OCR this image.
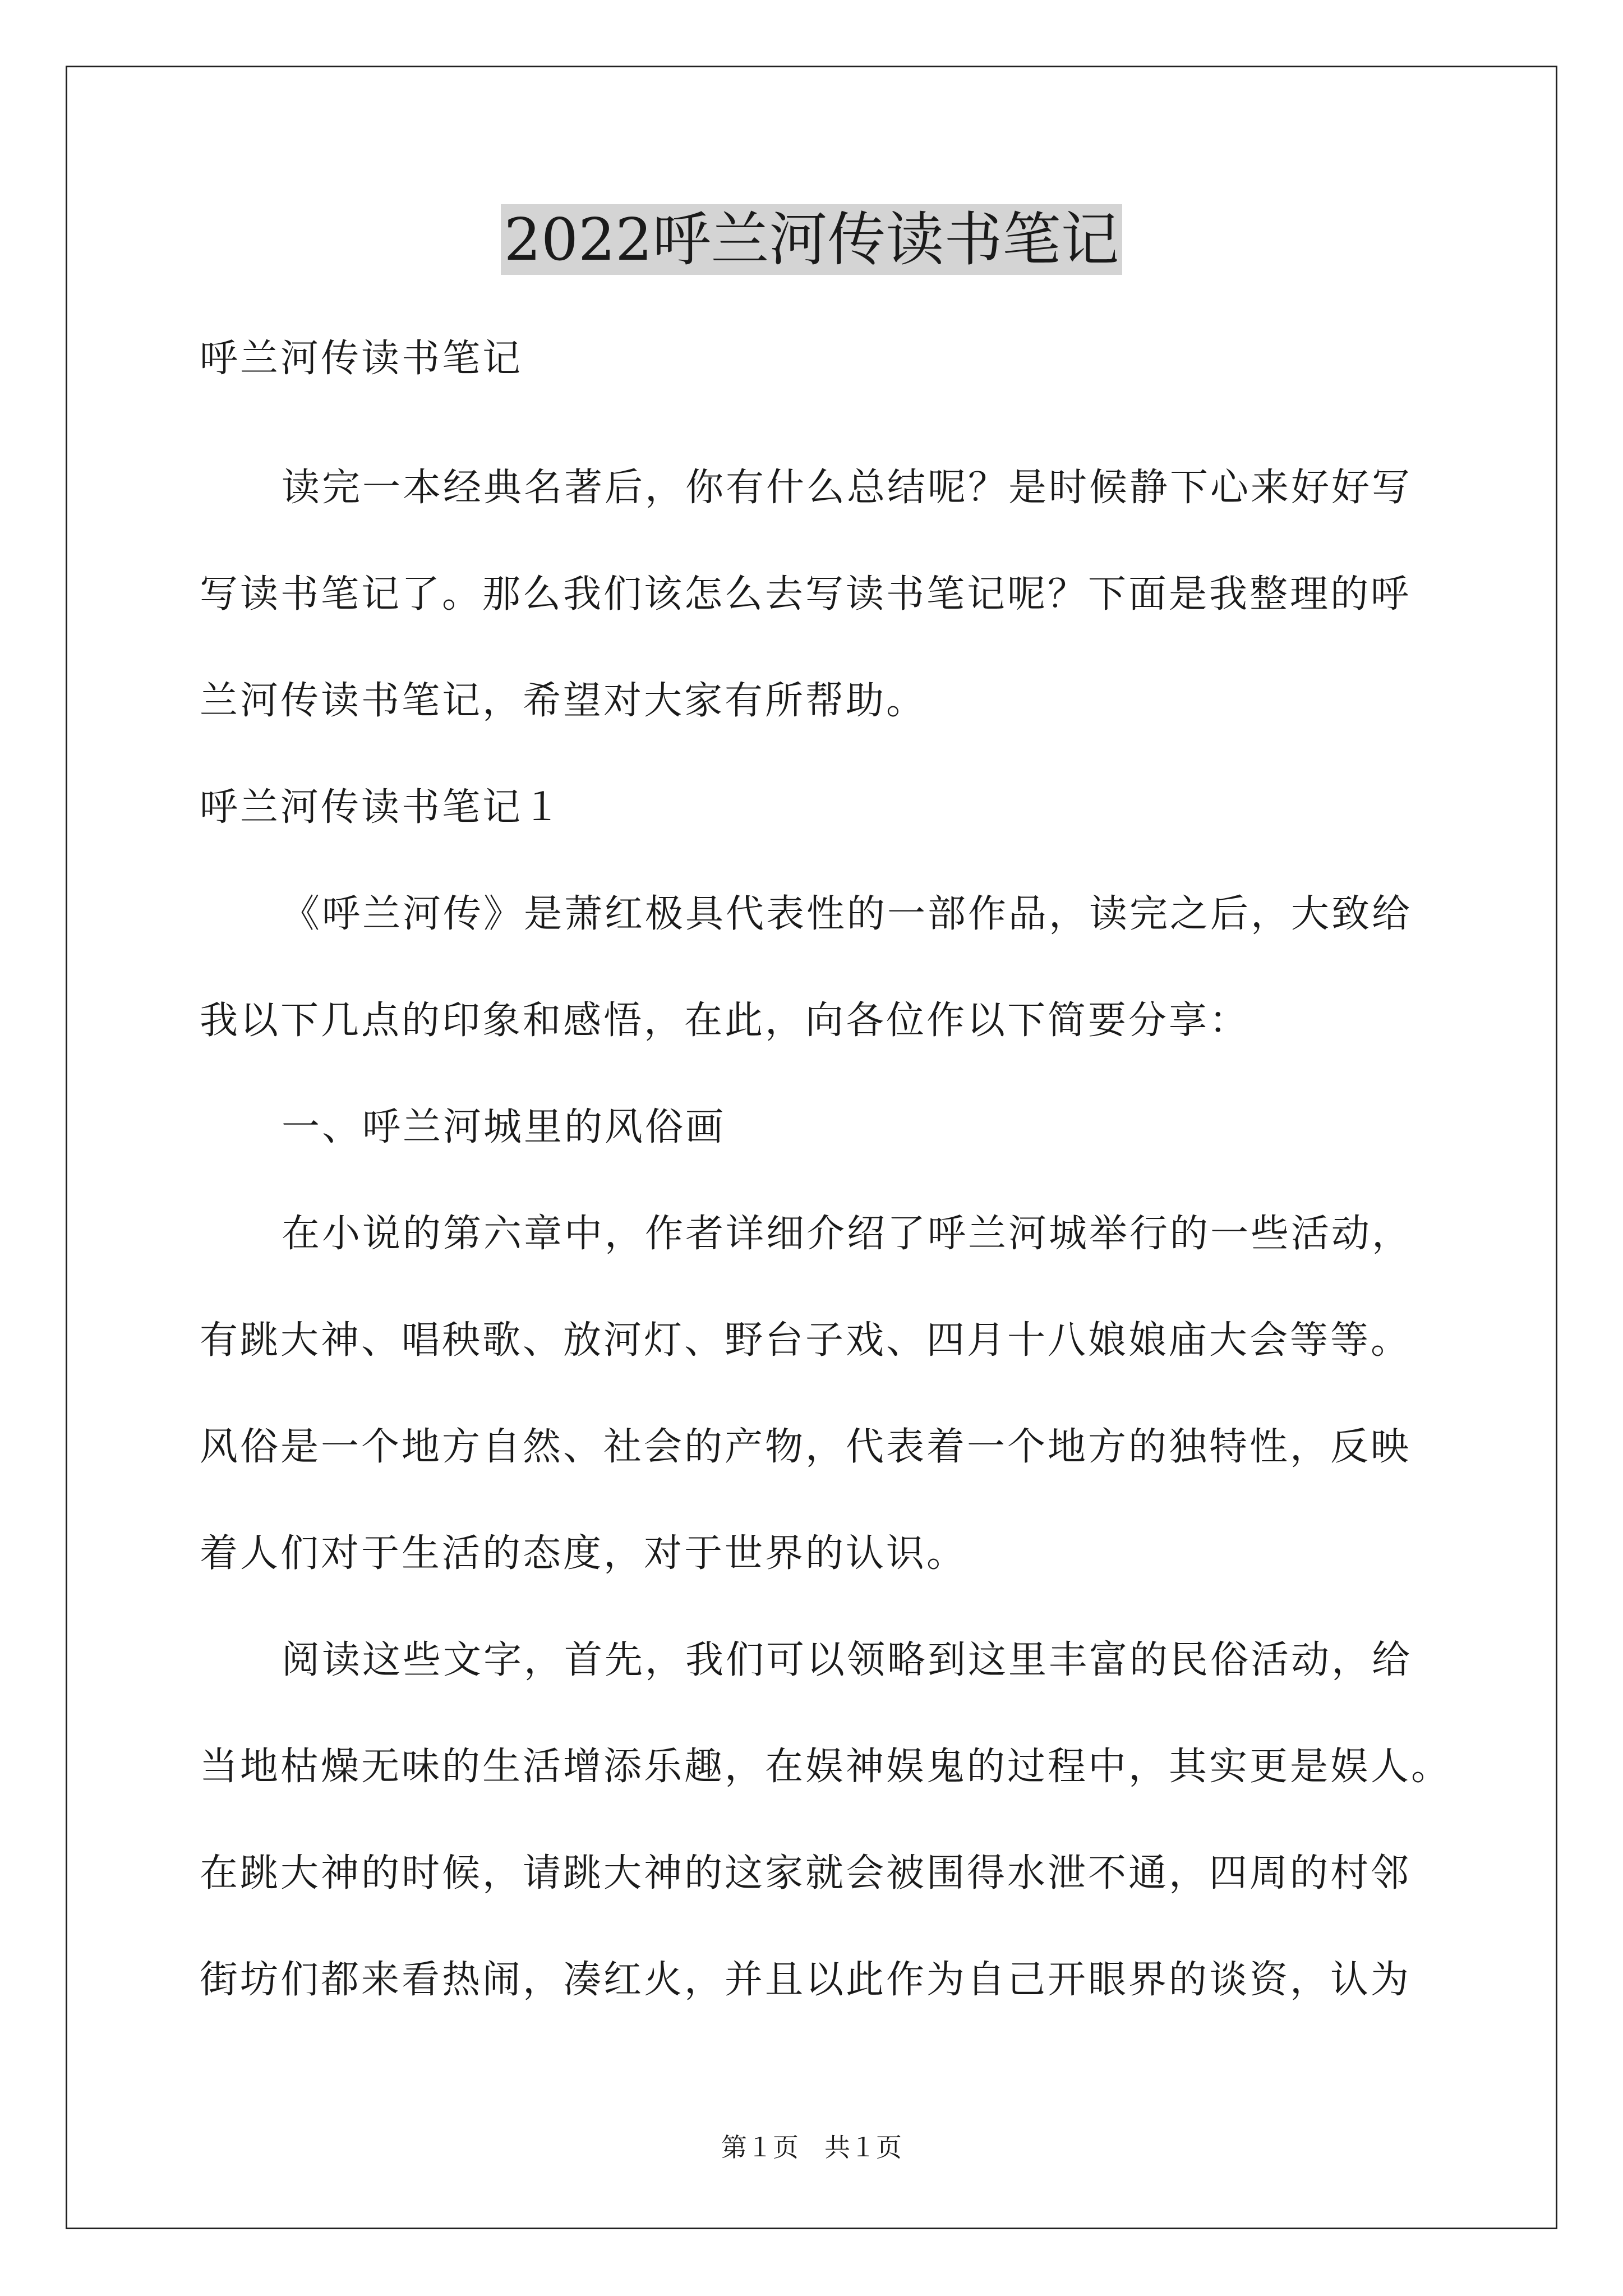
2022呼兰河传读书笔记
呼兰河传读书笔记
读完一本经典名著后，你有什么总结呢？是时候静下心来好好写
写读书笔记了。那么我们该怎么去写读书笔记呢？下面是我整理的呼
兰河传读书笔记，希望对大家有所帮助。
呼兰河传读书笔记１
《呼兰河传》是萧红极具代表性的一部作品，读完之后，大致给
我以下几点的印象和感悟，在此，向各位作以下简要分享：
一、呼兰河城里的风俗画
在小说的第六章中，作者详细介绍了呼兰河城举行的一些活动，
有跳大神、唱秧歌、放河灯、野台子戏、四月十八娘娘庙大会等等。
风俗是一个地方自然、社会的产物，代表着一个地方的独特性，反映
着人们对于生活的态度，对于世界的认识。
阅读这些文字，首先，我们可以领略到这里丰富的民俗活动，给
当地枯燥无味的生活增添乐趣，在娱神娱鬼的过程中，其实更是娱人。
在跳大神的时候，请跳大神的这家就会被围得水泄不通，四周的村邻
街坊们都来看热闹，凑红火，并且以此作为自己开眼界的谈资，认为
第１页　共１页
